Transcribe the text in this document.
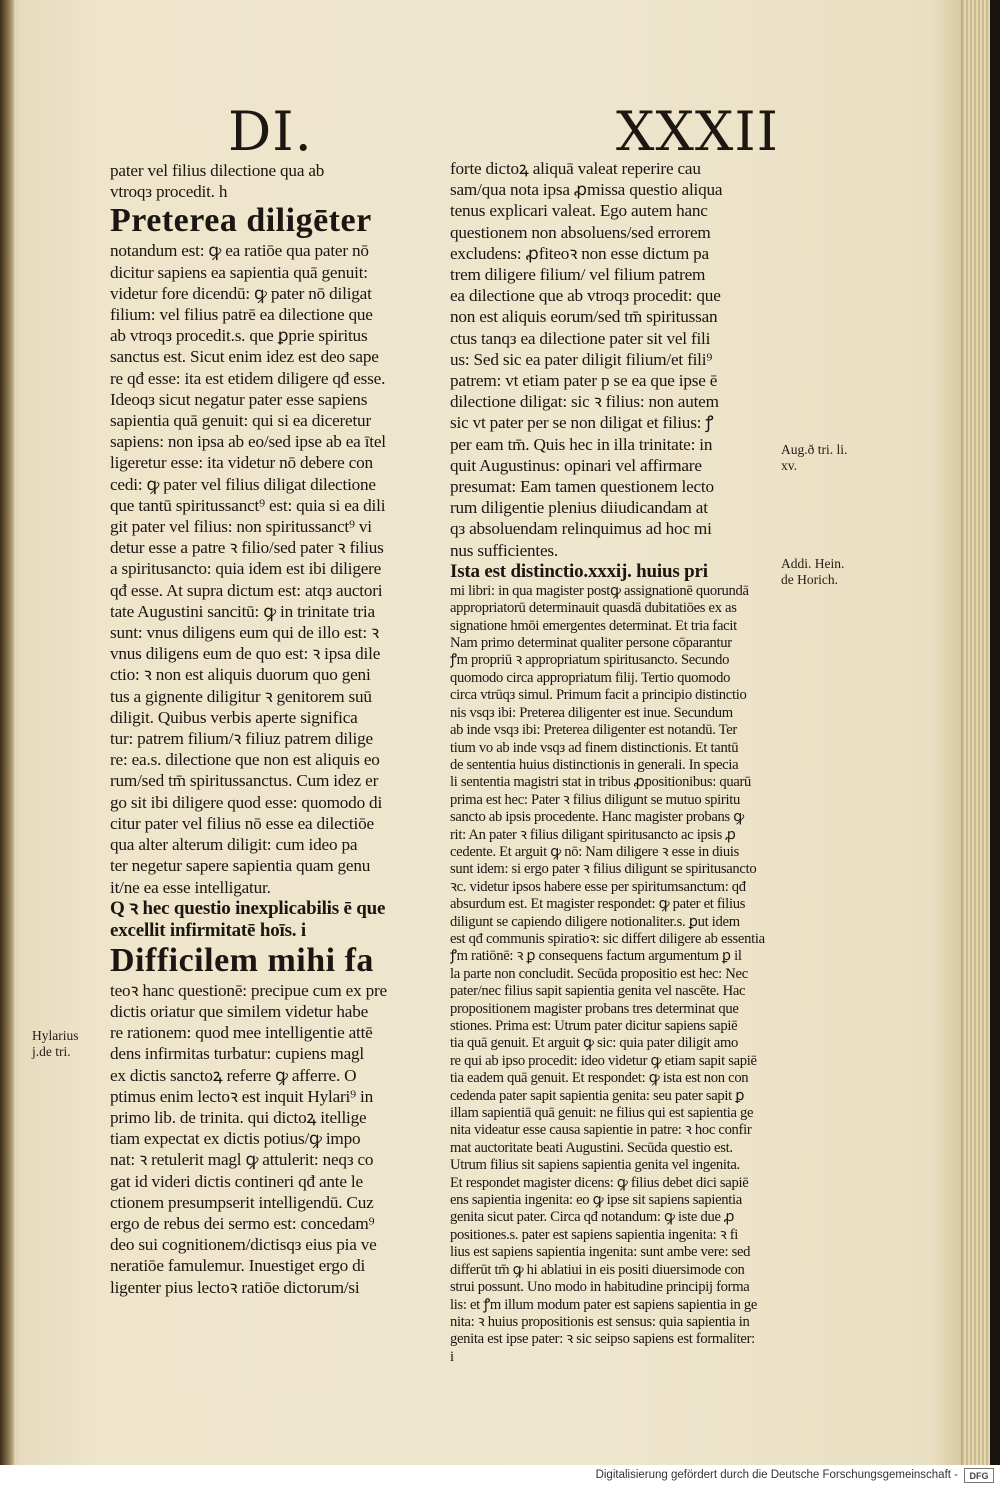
DI.	XXXII
pater vel filius dilectione qua ab
vtroqз procedit. h
Preterea diligēter
notandum est: ꝙ ea ratiōe qua pater nō
dicitur sapiens ea sapientia quā genuit:
videtur fore dicendū: ꝙ pater nō diligat
filium: vel filius patrē ea dilectione que
ab vtroqз procedit.s. que ꝑprie spiritus
sanctus est. Sicut enim idez est deo sape
re qđ esse: ita est etidem diligere qđ esse.
Ideoqз sicut negatur pater esse sapiens
sapientia quā genuit: qui si ea diceretur
sapiens: non ipsa ab eo/sed ipse ab ea ītel
ligeretur esse: ita videtur nō debere con
cedi: ꝙ pater vel filius diligat dilectione
que tantū spiritussanct⁹ est: quia si ea dili
git pater vel filius: non spiritussanct⁹ vi
detur esse a patre ꝛ filio/sed pater ꝛ filius
a spiritusancto: quia idem est ibi diligere
qđ esse. At supra dictum est: atqз auctori
tate Augustini sancitū: ꝙ in trinitate tria
sunt: vnus diligens eum qui de illo est: ꝛ
vnus diligens eum de quo est: ꝛ ipsa dile
ctio: ꝛ non est aliquis duorum quo geni
tus a gignente diligitur ꝛ genitorem suū
diligit. Quibus verbis aperte significa
tur: patrem filium/ꝛ filiuz patrem dilige
re: ea.s. dilectione que non est aliquis eo
rum/sed tm̄ spiritussanctus. Cum idez er
go sit ibi diligere quod esse: quomodo di
citur pater vel filius nō esse ea dilectiōe
qua alter alterum diligit: cum ideo pa
ter negetur sapere sapientia quam genu
it/ne ea esse intelligatur.
Q ꝛ hec questio inexplicabilis ē que
excellit infirmitatē hoīs. i
Difficilem mihi fa
teoꝛ hanc questionē: precipue cum ex pre
dictis oriatur que similem videtur habe
re rationem: quod mee intelligentie attē
dens infirmitas turbatur: cupiens magl
ex dictis sanctoꝝ referre ꝙ afferre. O
ptimus enim lectoꝛ est inquit Hylari⁹ in
primo lib. de trinita. qui dictoꝝ itellige
tiam expectat ex dictis potius/ꝙ impo
nat: ꝛ retulerit magl ꝙ attulerit: neqз co
gat id videri dictis contineri qđ ante le
ctionem presumpserit intelligendū. Cuz
ergo de rebus dei sermo est: concedam⁹
deo sui cognitionem/dictisqз eius pia ve
neratiōe famulemur. Inuestiget ergo di
ligenter pius lectoꝛ ratiōe dictorum/si
forte dictoꝝ aliquā valeat reperire cau
sam/qua nota ipsa ꝓmissa questio aliqua
tenus explicari valeat. Ego autem hanc
questionem non absoluens/sed errorem
excludens: ꝓfiteoꝛ non esse dictum pa
trem diligere filium/ vel filium patrem
ea dilectione que ab vtroqз procedit: que
non est aliquis eorum/sed tm̄ spiritussan
ctus tanqз ea dilectione pater sit vel fili
us: Sed sic ea pater diligit filium/et fili⁹
patrem: vt etiam pater p se ea que ipse ē
dilectione diligat: sic ꝛ filius: non autem
sic vt pater per se non diligat et filius: ꝭ
per eam tm̄. Quis hec in illa trinitate: in
quit Augustinus: opinari vel affirmare
presumat: Eam tamen questionem lecto
rum diligentie plenius diiudicandam at
qз absoluendam relinquimus ad hoc mi
nus sufficientes.
Ista est distinctio.xxxij. huius pri
mi libri: in qua magister postꝙ assignationē quorundā
appropriatorū determinauit quasdā dubitatiōes ex as
signatione hmōi emergentes determinat. Et tria facit
Nam primo determinat qualiter persone cōparantur
ꝭm propriū ꝛ appropriatum spiritusancto. Secundo
quomodo circa appropriatum filij. Tertio quomodo
circa vtrūqз simul. Primum facit a principio distinctio
nis vsqз ibi: Preterea diligenter est inue. Secundum
ab inde vsqз ibi: Preterea diligenter est notandū. Ter
tium vo ab inde vsqз ad finem distinctionis. Et tantū
de sententia huius distinctionis in generali. In specia
li sententia magistri stat in tribus ꝓpositionibus: quarū
prima est hec: Pater ꝛ filius diligunt se mutuo spiritu
sancto ab ipsis procedente. Hanc magister probans ꝙ
rit: An pater ꝛ filius diligant spiritusancto ac ipsis ꝓ
cedente. Et arguit ꝙ nō: Nam diligere ꝛ esse in diuis
sunt idem: si ergo pater ꝛ filius diligunt se spiritusancto
ꝛc. videtur ipsos habere esse per spiritumsanctum: qđ
absurdum est. Et magister respondet: ꝙ pater et filius
diligunt se capiendo diligere notionaliter.s. ꝑut idem
est qđ communis spiratioꝛ: sic differt diligere ab essentia
ꝭm ratiōnē: ꝛ ꝑ consequens factum argumentum ꝑ il
la parte non concludit. Secūda propositio est hec: Nec
pater/nec filius sapit sapientia genita vel nascēte. Hac
propositionem magister probans tres determinat que
stiones. Prima est: Utrum pater dicitur sapiens sapiē
tia quā genuit. Et arguit ꝙ sic: quia pater diligit amo
re qui ab ipso procedit: ideo videtur ꝙ etiam sapit sapiē
tia eadem quā genuit. Et respondet: ꝙ ista est non con
cedenda pater sapit sapientia genita: seu pater sapit ꝑ
illam sapientiā quā genuit: ne filius qui est sapientia ge
nita videatur esse causa sapientie in patre: ꝛ hoc confir
mat auctoritate beati Augustini. Secūda questio est.
Utrum filius sit sapiens sapientia genita vel ingenita.
Et respondet magister dicens: ꝙ filius debet dici sapiē
ens sapientia ingenita: eo ꝙ ipse sit sapiens sapientia
genita sicut pater. Circa qđ notandum: ꝙ iste due ꝓ
positiones.s. pater est sapiens sapientia ingenita: ꝛ fi
lius est sapiens sapientia ingenita: sunt ambe vere: sed
differūt tm̄ ꝙ hi ablatiui in eis positi diuersimode con
strui possunt. Uno modo in habitudine principij forma
lis: et ꝭm illum modum pater est sapiens sapientia in ge
nita: ꝛ huius propositionis est sensus: quia sapientia in
genita est ipse pater: ꝛ sic seipso sapiens est formaliter:
i
Hylarius
j.de tri.
Aug.ð tri. li.
xv.
Addi. Hein.
de Horich.
Digitalisierung gefördert durch die Deutsche Forschungsgemeinschaft -	DFG
